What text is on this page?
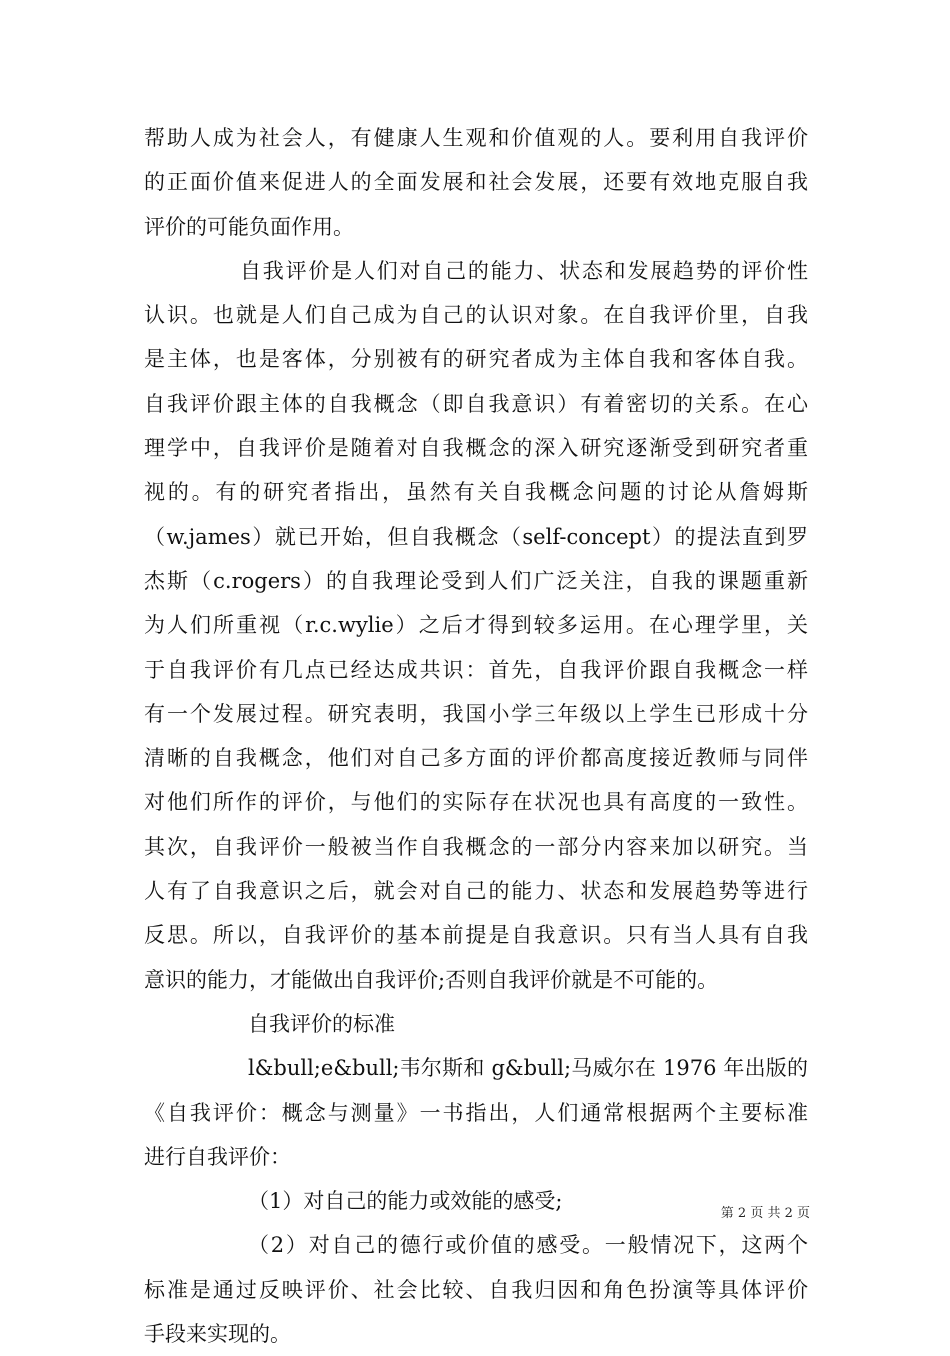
帮助人成为社会人，有健康人生观和价值观的人。要利用自我评价
的正面价值来促进人的全面发展和社会发展，还要有效地克服自我
评价的可能负面作用。
自我评价是人们对自己的能力、状态和发展趋势的评价性
认识。也就是人们自己成为自己的认识对象。在自我评价里，自我
是主体，也是客体，分别被有的研究者成为主体自我和客体自我。
自我评价跟主体的自我概念（即自我意识）有着密切的关系。在心
理学中，自我评价是随着对自我概念的深入研究逐渐受到研究者重
视的。有的研究者指出，虽然有关自我概念问题的讨论从詹姆斯
（w.james）就已开始，但自我概念（self-concept）的提法直到罗
杰斯（c.rogers）的自我理论受到人们广泛关注，自我的课题重新
为人们所重视（r.c.wylie）之后才得到较多运用。在心理学里，关
于自我评价有几点已经达成共识：首先，自我评价跟自我概念一样
有一个发展过程。研究表明，我国小学三年级以上学生已形成十分
清晰的自我概念，他们对自己多方面的评价都高度接近教师与同伴
对他们所作的评价，与他们的实际存在状况也具有高度的一致性。
其次，自我评价一般被当作自我概念的一部分内容来加以研究。当
人有了自我意识之后，就会对自己的能力、状态和发展趋势等进行
反思。所以，自我评价的基本前提是自我意识。只有当人具有自我
意识的能力，才能做出自我评价;否则自我评价就是不可能的。
自我评价的标准
l&bull;e&bull;韦尔斯和 g&bull;马威尔在 1976 年出版的
《自我评价：概念与测量》一书指出，人们通常根据两个主要标准
进行自我评价：
（1）对自己的能力或效能的感受;
（2）对自己的德行或价值的感受。一般情况下，这两个
标准是通过反映评价、社会比较、自我归因和角色扮演等具体评价
手段来实现的。
第 2 页 共 2 页
